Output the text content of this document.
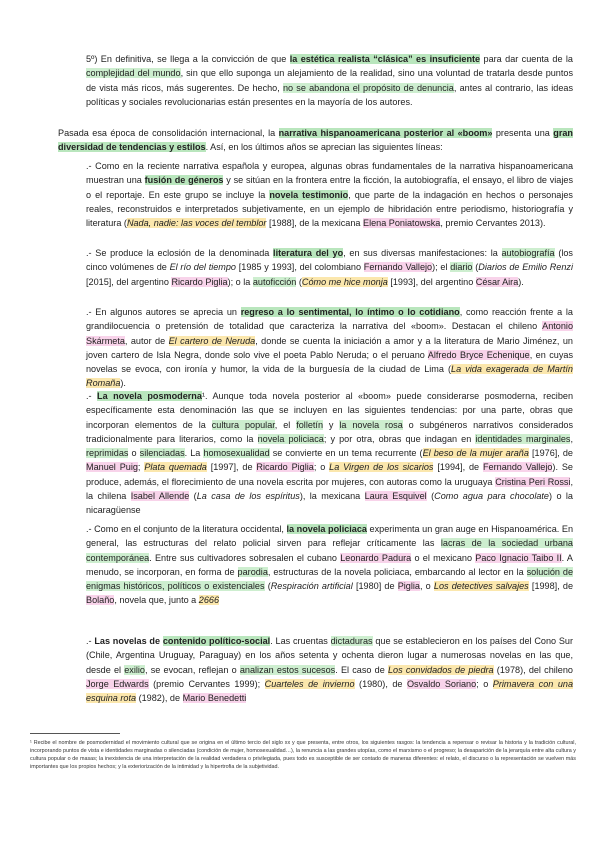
5º) En definitiva, se llega a la convicción de que la estética realista “clásica” es insuficiente para dar cuenta de la complejidad del mundo, sin que ello suponga un alejamiento de la realidad, sino una voluntad de tratarla desde puntos de vista más ricos, más sugerentes. De hecho, no se abandona el propósito de denuncia, antes al contrario, las ideas políticas y sociales revolucionarias están presentes en la mayoría de los autores.

Pasada esa época de consolidación internacional, la narrativa hispanoamericana posterior al «boom» presenta una gran diversidad de tendencias y estilos. Así, en los últimos años se aprecian las siguientes líneas:

.- Como en la reciente narrativa española y europea, algunas obras fundamentales de la narrativa hispanoamericana muestran una fusión de géneros y se sitúan en la frontera entre la ficción, la autobiografía, el ensayo, el libro de viajes o el reportaje. En este grupo se incluye la novela testimonio, que parte de la indagación en hechos o personajes reales, reconstruidos e interpretados subjetivamente, en un ejemplo de hibridación entre periodismo, historiografía y literatura (Nada, nadie: las voces del temblor [1988], de la mexicana Elena Poniatowska, premio Cervantes 2013).

.- Se produce la eclosión de la denominada literatura del yo, en sus diversas manifestaciones: la autobiografía (los cinco volúmenes de El río del tiempo [1985 y 1993], del colombiano Fernando Vallejo); el diario (Diarios de Emilio Renzi [2015], del argentino Ricardo Piglia); o la autoficción (Cómo me hice monja [1993], del argentino César Aira).

.- En algunos autores se aprecia un regreso a lo sentimental, lo íntimo o lo cotidiano, como reacción frente a la grandilocuencia o pretensión de totalidad que caracteriza la narrativa del «boom». Destacan el chileno Antonio Skármeta, autor de El cartero de Neruda, donde se cuenta la iniciación a amor y a la literatura de Mario Jiménez, un joven cartero de Isla Negra, donde solo vive el poeta Pablo Neruda; o el peruano Alfredo Bryce Echenique, en cuyas novelas se evoca, con ironía y humor, la vida de la burguesía de la ciudad de Lima (La vida exagerada de Martín Romaña).

.- La novela posmoderna¹. Aunque toda novela posterior al «boom» puede considerarse posmoderna, reciben específicamente esta denominación las que se incluyen en las siguientes tendencias: por una parte, obras que incorporan elementos de la cultura popular, el folletín y la novela rosa o subgéneros narrativos considerados tradicionalmente para literarios, como la novela policiaca; y por otra, obras que indagan en identidades marginales, reprimidas o silenciadas. La homosexualidad se convierte en un tema recurrente (El beso de la mujer araña [1976], de Manuel Puig; Plata quemada [1997], de Ricardo Piglia; o La Virgen de los sicarios [1994], de Fernando Vallejo). Se produce, además, el florecimiento de una novela escrita por mujeres, con autoras como la uruguaya Cristina Peri Rossi, la chilena Isabel Allende (La casa de los espíritus), la mexicana Laura Esquivel (Como agua para chocolate) o la nicaragüense

.- Como en el conjunto de la literatura occidental, la novela policiaca experimenta un gran auge en Hispanoamérica. En general, las estructuras del relato policial sirven para reflejar críticamente las lacras de la sociedad urbana contemporánea. Entre sus cultivadores sobresalen el cubano Leonardo Padura o el mexicano Paco Ignacio Taibo II. A menudo, se incorporan, en forma de parodia, estructuras de la novela policiaca, embarcando al lector en la solución de enigmas históricos, políticos o existenciales (Respiración artificial [1980] de Piglia, o Los detectives salvajes [1998], de Bolaño, novela que, junto a 2666

.- Las novelas de contenido político-social. Las cruentas dictaduras que se establecieron en los países del Cono Sur (Chile, Argentina Uruguay, Paraguay) en los años setenta y ochenta dieron lugar a numerosas novelas en las que, desde el exilio, se evocan, reflejan o analizan estos sucesos. El caso de Los convidados de piedra (1978), del chileno Jorge Edwards (premio Cervantes 1999); Cuarteles de invierno (1980), de Osvaldo Soriano; o Primavera con una esquina rota (1982), de Mario Benedetti

¹ Recibe el nombre de posmodernidad el movimiento cultural que se origina en el último tercio del siglo xx y que presenta, entre otros, los siguientes rasgos: la tendencia a repensar o revisar la historia y la tradición cultural, incorporando puntos de vista e identidades marginadas o silenciadas (condición de mujer, homosexualidad…), la renuncia a las grandes utopías, como el marxismo o el progreso; la desaparición de la jerarquía entre alta cultura y cultura popular o de masas; la inexistencia de una interpretación de la realidad verdadera o privilegiada, pues todo es susceptible de ser contado de maneras diferentes: el relato, el discurso o la representación se vuelven más importantes que los propios hechos; y la exteriorización de la intimidad y la hipertrofia de la subjetividad.
